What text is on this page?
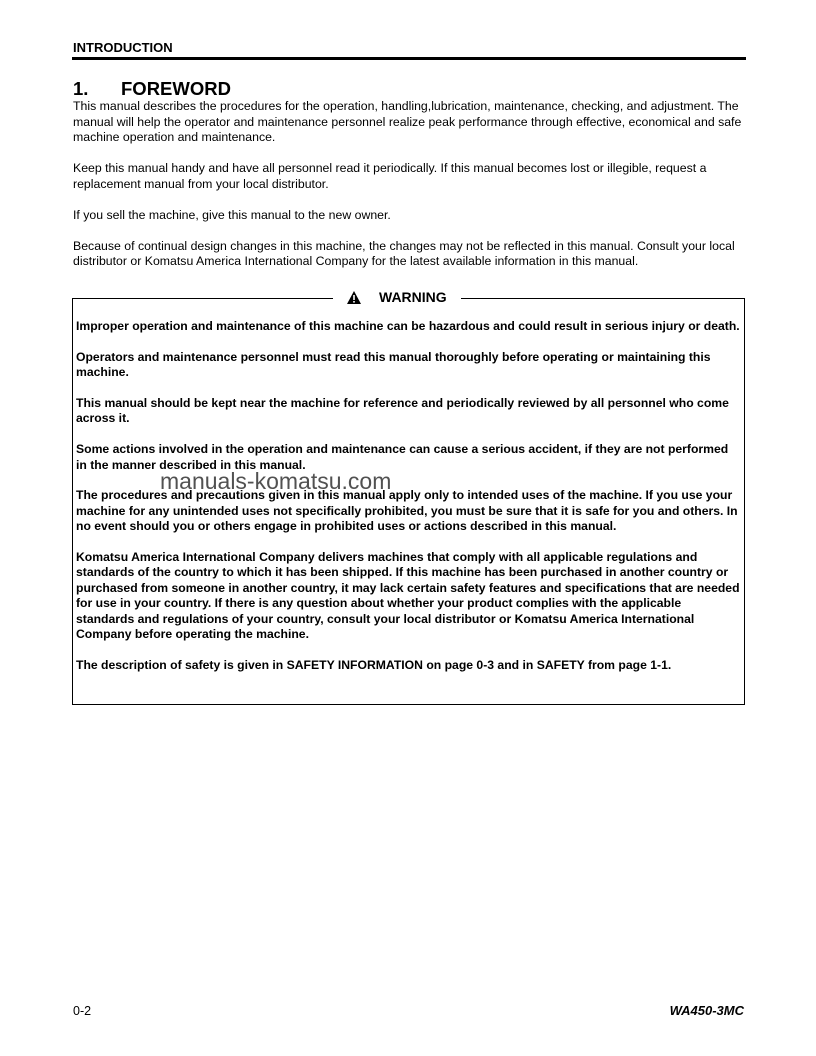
INTRODUCTION
1. FOREWORD

This manual describes the procedures for the operation, handling,lubrication, maintenance, checking, and adjustment. The manual will help the operator and maintenance personnel realize peak performance through effective, economical and safe machine operation and maintenance.

Keep this manual handy and have all personnel read it periodically. If this manual becomes lost or illegible, request a replacement manual from your local distributor.

If you sell the machine, give this manual to the new owner.

Because of continual design changes in this machine, the changes may not be reflected in this manual. Consult your local distributor or Komatsu America International Company for the latest available information in this manual.

WARNING

Improper operation and maintenance of this machine can be hazardous and could result in serious injury or death.

Operators and maintenance personnel must read this manual thoroughly before operating or maintaining this machine.

This manual should be kept near the machine for reference and periodically reviewed by all personnel who come across it.

Some actions involved in the operation and maintenance can cause a serious accident, if they are not performed in the manner described in this manual.

The procedures and precautions given in this manual apply only to intended uses of the machine. If you use your machine for any unintended uses not specifically prohibited, you must be sure that it is safe for you and others. In no event should you or others engage in prohibited uses or actions described in this manual.

Komatsu America International Company delivers machines that comply with all applicable regulations and standards of the country to which it has been shipped. If this machine has been purchased in another country or purchased from someone in another country, it may lack certain safety features and specifications that are needed for use in your country. If there is any question about whether your product complies with the applicable standards and regulations of your country, consult your local distributor or Komatsu America International Company before operating the machine.

The description of safety is given in SAFETY INFORMATION on page 0-3 and in SAFETY from page 1-1.

manuals-komatsu.com
0-2	WA450-3MC
